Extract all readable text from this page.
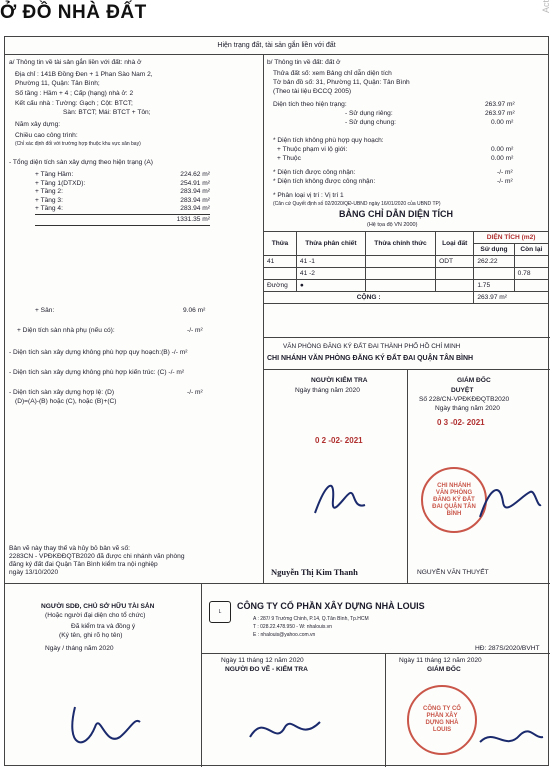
Ở ĐỒ NHÀ ĐẤT	Act
Hiện trạng đất, tài sản gắn liền với đất
a/ Thông tin về tài sản gắn liền với đất: nhà ở
Địa chỉ : 141B Đồng Đen + 1 Phan Sào Nam 2,
Phường 11, Quận: Tân Bình;
Số tầng : Hầm + 4 ; Cấp (hạng) nhà ở: 2
Kết cấu nhà : Tường: Gạch ; Cột: BTCT;
Sàn: BTCT; Mái: BTCT + Tôn;
Năm xây dựng:
Chiều cao công trình:
(Chỉ xác định đối với trường hợp thuộc khu vực sân bay)
- Tổng diện tích sàn xây dựng theo hiện trạng (A)
+ Tầng Hầm:	224.62 m²
+ Tầng 1(DTXD):	254.91 m²
+ Tầng 2:	283.94 m²
+ Tầng 3:	283.94 m²
+ Tầng 4:	283.94 m²
1331.35 m²
+ Sân:	9.06 m²
+ Diện tích sàn nhà phụ (nếu có):	-/- m²
- Diện tích sàn xây dựng không phù hợp quy hoạch:(B) -/- m²
- Diện tích sàn xây dựng không phù hợp kiến trúc: (C) -/- m²
- Diện tích sàn xây dựng hợp lệ: (D)	-/- m²
(D)=(A)-(B) hoặc (C), hoặc (B)+(C)
Bản vẽ này thay thế và hủy bỏ bản vẽ số:
2283CN - VPĐKĐĐQTB2020 đã được chi nhánh văn phòng
đăng ký đất đai Quận Tân Bình kiểm tra nội nghiệp
ngày 13/10/2020
b/ Thông tin về đất: đất ở
Thửa đất số: xem Bảng chỉ dẫn diện tích
Tờ bản đồ số: 31, Phường 11, Quận: Tân Bình
(Theo tài liệu ĐCCQ 2005)
Diện tích theo hiện trạng:	263.97 m²
- Sử dụng riêng:	263.97 m²
- Sử dụng chung:	0.00 m²
* Diện tích không phù hợp quy hoạch:
+ Thuộc phạm vi lộ giới:	0.00 m²
+ Thuộc	0.00 m²
* Diện tích được công nhận:	-/- m²
* Diện tích không được công nhận:	-/- m²
* Phân loại vị trí : Vị trí 1
(Căn cứ Quyết định số 02/2020/QĐ-UBND ngày 16/01/2020 của UBND TP)
BẢNG CHỈ DẪN DIỆN TÍCH
(Hệ tọa độ VN 2000)
Thửa	Thửa phân chiết	Thửa chính thức	Loại đất	DIỆN TÍCH (m2)	
				Sử dụng	Còn lại
41	41 -1		ODT	262.22	
	41 -2				0.78
Đường	●			1.75	
CỘNG :				263.97 m²	
VĂN PHÒNG ĐĂNG KÝ ĐẤT ĐAI THÀNH PHỐ HỒ CHÍ MINH
CHI NHÁNH VĂN PHÒNG ĐĂNG KÝ ĐẤT ĐAI QUẬN TÂN BÌNH
NGƯỜI KIỂM TRA
Ngày tháng năm 2020
0 2 -02- 2021
Nguyễn Thị Kim Thanh
GIÁM ĐỐC
DUYỆT
Số 228/CN-VPĐKĐĐQTB2020
Ngày tháng năm 2020
0 3 -02- 2021
CHI NHÁNH VĂN PHÒNG ĐĂNG KÝ ĐẤT ĐAI QUẬN TÂN BÌNH
NGUYỄN VĂN THUYẾT
NGƯỜI SDĐ, CHỦ SỞ HỮU TÀI SẢN
(Hoặc người đại diện cho tổ chức)
Đã kiểm tra và đồng ý
(Ký tên, ghi rõ họ tên)
Ngày / tháng năm 2020
L
CÔNG TY CỔ PHẦN XÂY DỰNG NHÀ LOUIS
A : 287/ 9 Trường Chinh, P.14, Q.Tân Bình, Tp.HCM
T : 028.22.478.950 - W: nhalouis.vn
E : nhalouis@yahoo.com.vn
HĐ: 287S/2020/BVHT
Ngày 11 tháng 12 năm 2020
NGƯỜI ĐO VẼ - KIỂM TRA
Ngày 11 tháng 12 năm 2020
GIÁM ĐỐC
CÔNG TY CỔ PHẦN XÂY DỰNG NHÀ LOUIS
